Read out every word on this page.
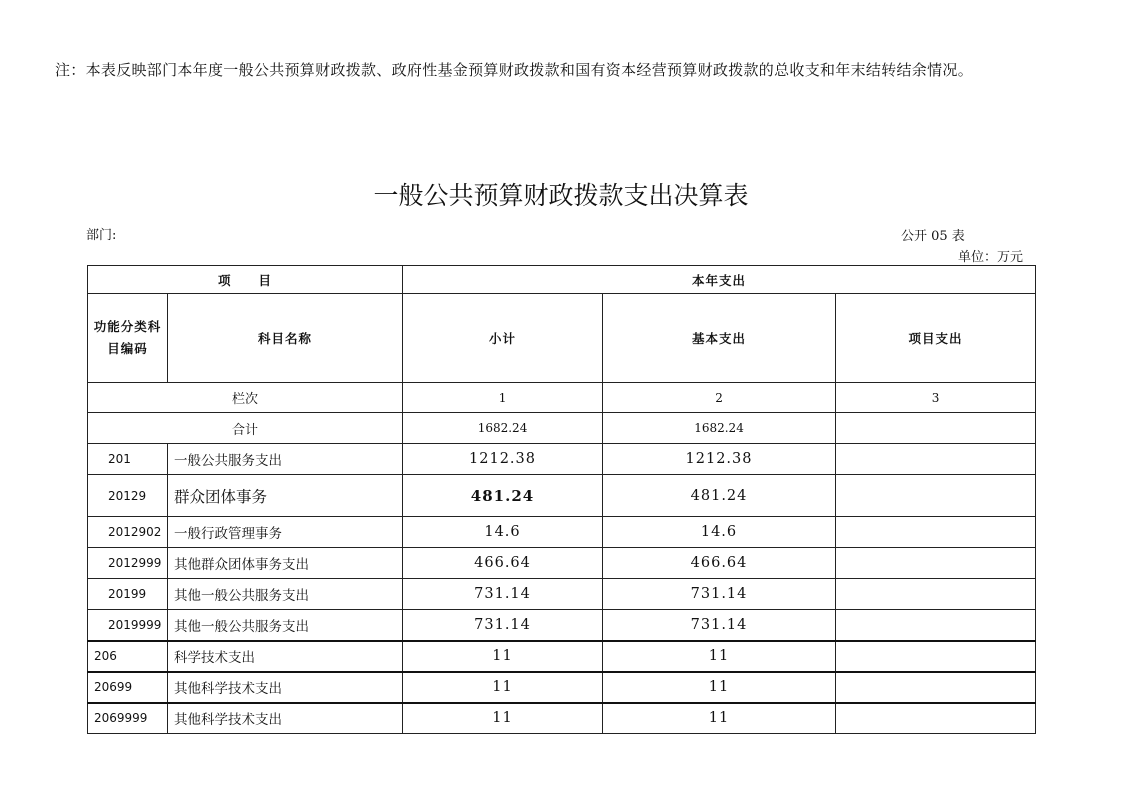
注：本表反映部门本年度一般公共预算财政拨款、政府性基金预算财政拨款和国有资本经营预算财政拨款的总收支和年末结转结余情况。
一般公共预算财政拨款支出决算表
部门:	公开 05 表
单位：万元
项　　目		本年支出		
功能分类科目编码	科目名称	小计	基本支出	项目支出
栏次		1	2	3
合计		1682.24	1682.24	
201	一般公共服务支出	1212.38	1212.38	
20129	群众团体事务	481.24	481.24	
2012902	一般行政管理事务	14.6	14.6	
2012999	其他群众团体事务支出	466.64	466.64	
20199	其他一般公共服务支出	731.14	731.14	
2019999	其他一般公共服务支出	731.14	731.14	
206	科学技术支出	11	11	
20699	其他科学技术支出	11	11	
2069999	其他科学技术支出	11	11	
